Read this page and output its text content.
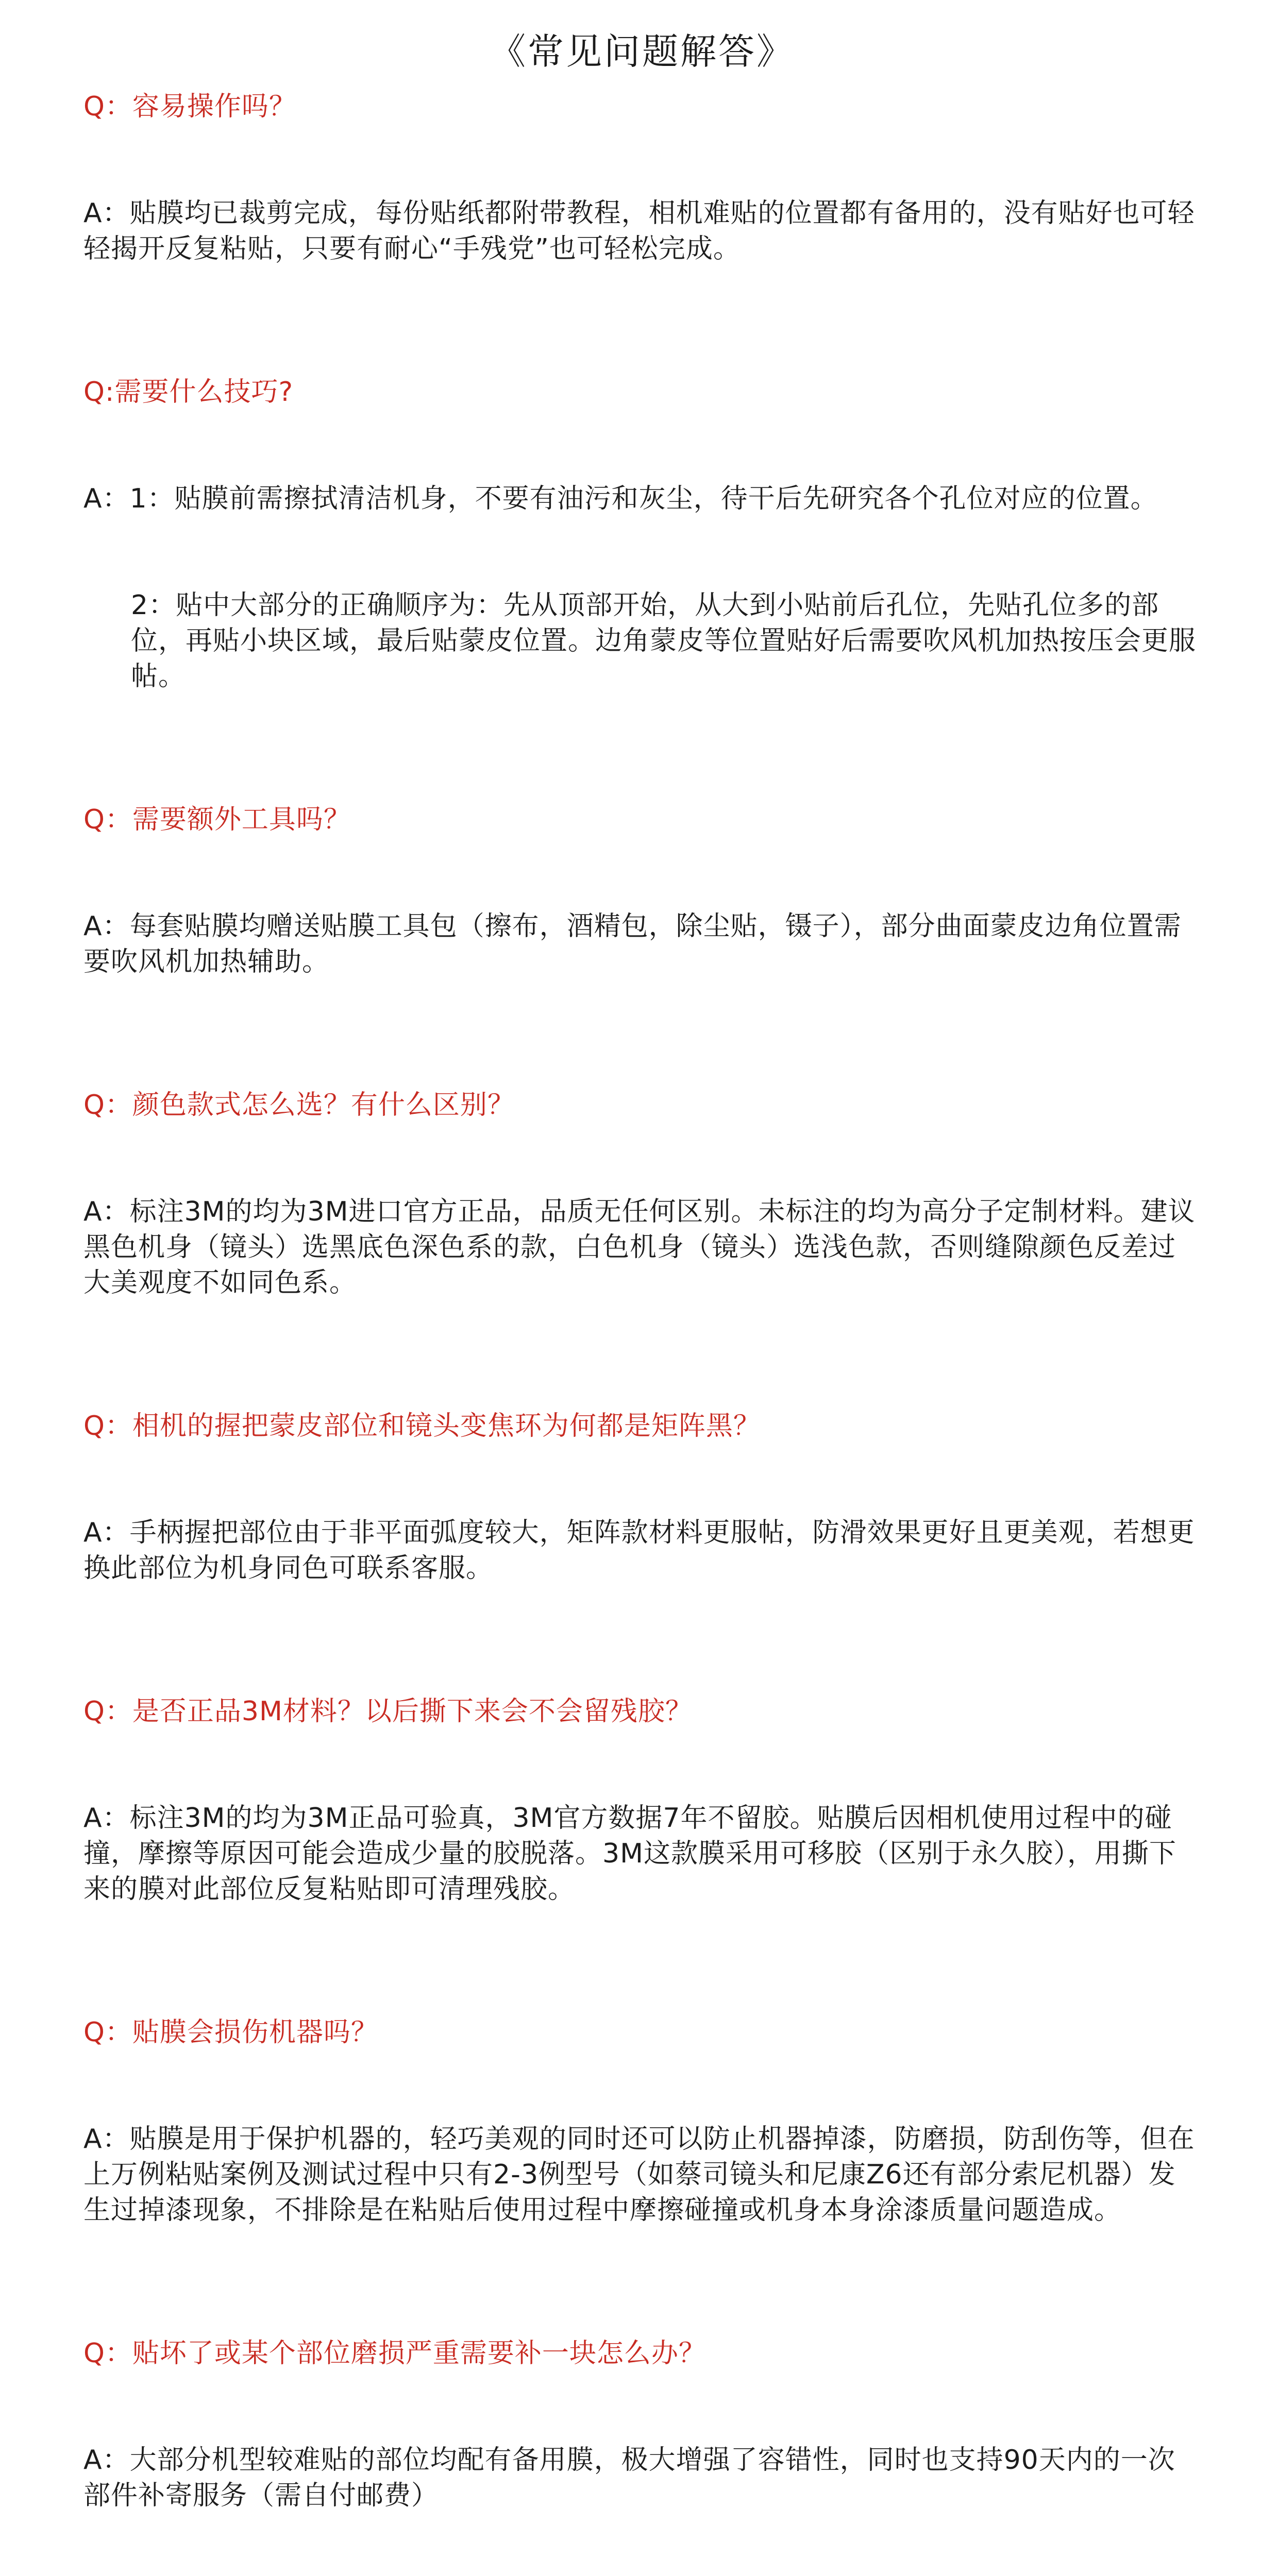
《常见问题解答》

Q：容易操作吗？

A：贴膜均已裁剪完成，每份贴纸都附带教程，相机难贴的位置都有备用的，没有贴好也可轻轻揭开反复粘贴，只要有耐心“手残党”也可轻松完成。

Q:需要什么技巧?

A：1：贴膜前需擦拭清洁机身，不要有油污和灰尘，待干后先研究各个孔位对应的位置。

2：贴中大部分的正确顺序为：先从顶部开始，从大到小贴前后孔位，先贴孔位多的部位，再贴小块区域，最后贴蒙皮位置。边角蒙皮等位置贴好后需要吹风机加热按压会更服帖。

Q：需要额外工具吗？

A：每套贴膜均赠送贴膜工具包（擦布，酒精包，除尘贴，镊子），部分曲面蒙皮边角位置需要吹风机加热辅助。

Q：颜色款式怎么选？有什么区别？

A：标注3M的均为3M进口官方正品，品质无任何区别。未标注的均为高分子定制材料。建议黑色机身（镜头）选黑底色深色系的款，白色机身（镜头）选浅色款，否则缝隙颜色反差过大美观度不如同色系。

Q：相机的握把蒙皮部位和镜头变焦环为何都是矩阵黑？

A：手柄握把部位由于非平面弧度较大，矩阵款材料更服帖，防滑效果更好且更美观，若想更换此部位为机身同色可联系客服。

Q：是否正品3M材料？以后撕下来会不会留残胶？

A：标注3M的均为3M正品可验真，3M官方数据7年不留胶。贴膜后因相机使用过程中的碰撞，摩擦等原因可能会造成少量的胶脱落。3M这款膜采用可移胶（区别于永久胶），用撕下来的膜对此部位反复粘贴即可清理残胶。

Q：贴膜会损伤机器吗？

A：贴膜是用于保护机器的，轻巧美观的同时还可以防止机器掉漆，防磨损，防刮伤等，但在上万例粘贴案例及测试过程中只有2-3例型号（如蔡司镜头和尼康Z6还有部分索尼机器）发生过掉漆现象，不排除是在粘贴后使用过程中摩擦碰撞或机身本身涂漆质量问题造成。

Q：贴坏了或某个部位磨损严重需要补一块怎么办？

A：大部分机型较难贴的部位均配有备用膜，极大增强了容错性，同时也支持90天内的一次部件补寄服务（需自付邮费）
